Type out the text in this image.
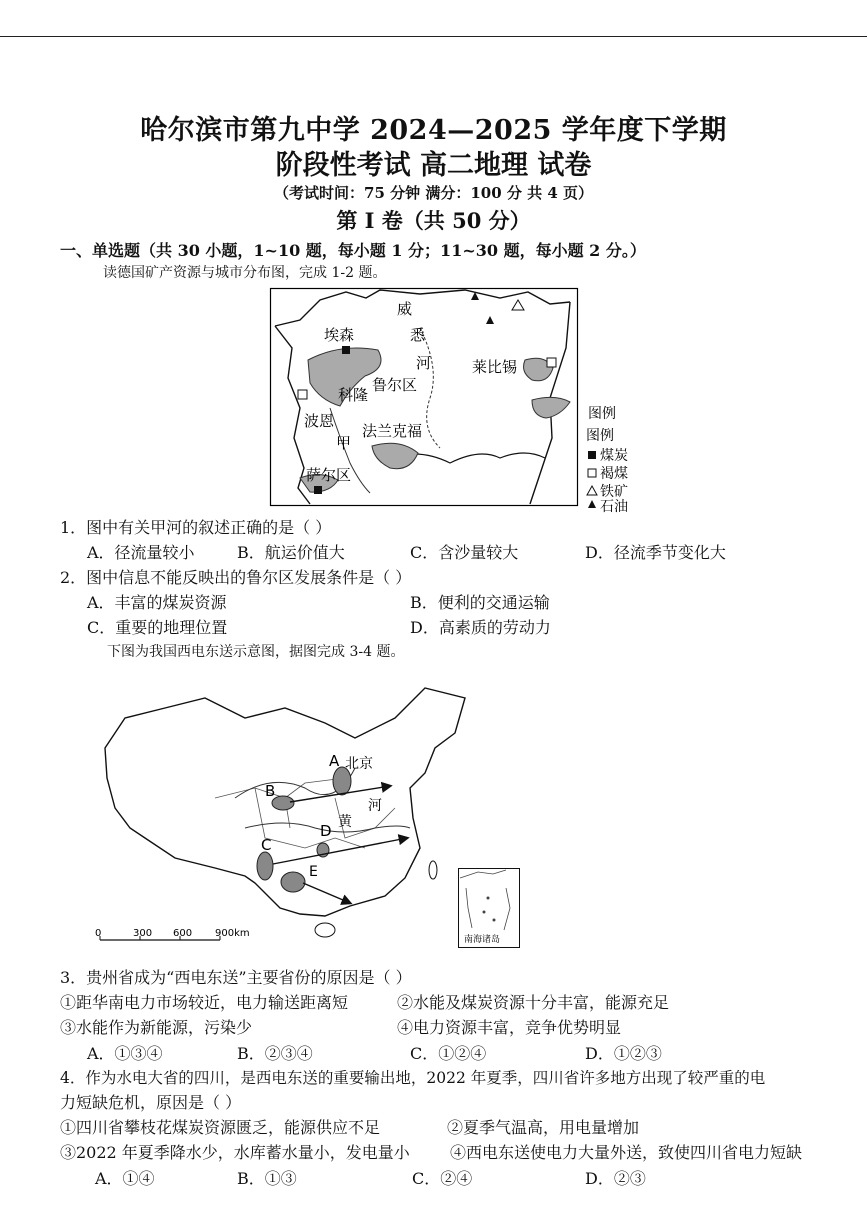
哈尔滨市第九中学 2024—2025 学年度下学期
阶段性考试 高二地理 试卷
（考试时间：75 分钟 满分：100 分 共 4 页）
第 I 卷（共 50 分）
一、单选题（共 30 小题，1~10 题，每小题 1 分；11~30 题，每小题 2 分。）
读德国矿产资源与城市分布图，完成 1-2 题。
威
悉
河
埃森
鲁尔区
科隆
莱比锡
波恩
甲
法兰克福
萨尔区
图例
图例
煤炭
褐煤
铁矿
石油
1．图中有关甲河的叙述正确的是（ ）
A．径流量较小	B．航运价值大	C．含沙量较大	D．径流季节变化大
2．图中信息不能反映出的鲁尔区发展条件是（ ）
A．丰富的煤炭资源	B．便利的交通运输
C．重要的地理位置	D．高素质的劳动力
下图为我国西电东送示意图，据图完成 3-4 题。
A
B
C
D
E
北京
河
黄
0	300 600 900km
南海诸岛
3．贵州省成为“西电东送”主要省份的原因是（ ）
①距华南电力市场较近，电力输送距离短	②水能及煤炭资源十分丰富，能源充足
③水能作为新能源，污染少	④电力资源丰富，竞争优势明显
A．①③④	B．②③④	C．①②④	D．①②③
4．作为水电大省的四川，是西电东送的重要输出地，2022 年夏季，四川省许多地方出现了较严重的电
力短缺危机，原因是（ ）
①四川省攀枝花煤炭资源匮乏，能源供应不足	②夏季气温高，用电量增加
③2022 年夏季降水少，水库蓄水量小，发电量小	④西电东送使电力大量外送，致使四川省电力短缺
A．①④	B．①③	C．②④	D．②③
